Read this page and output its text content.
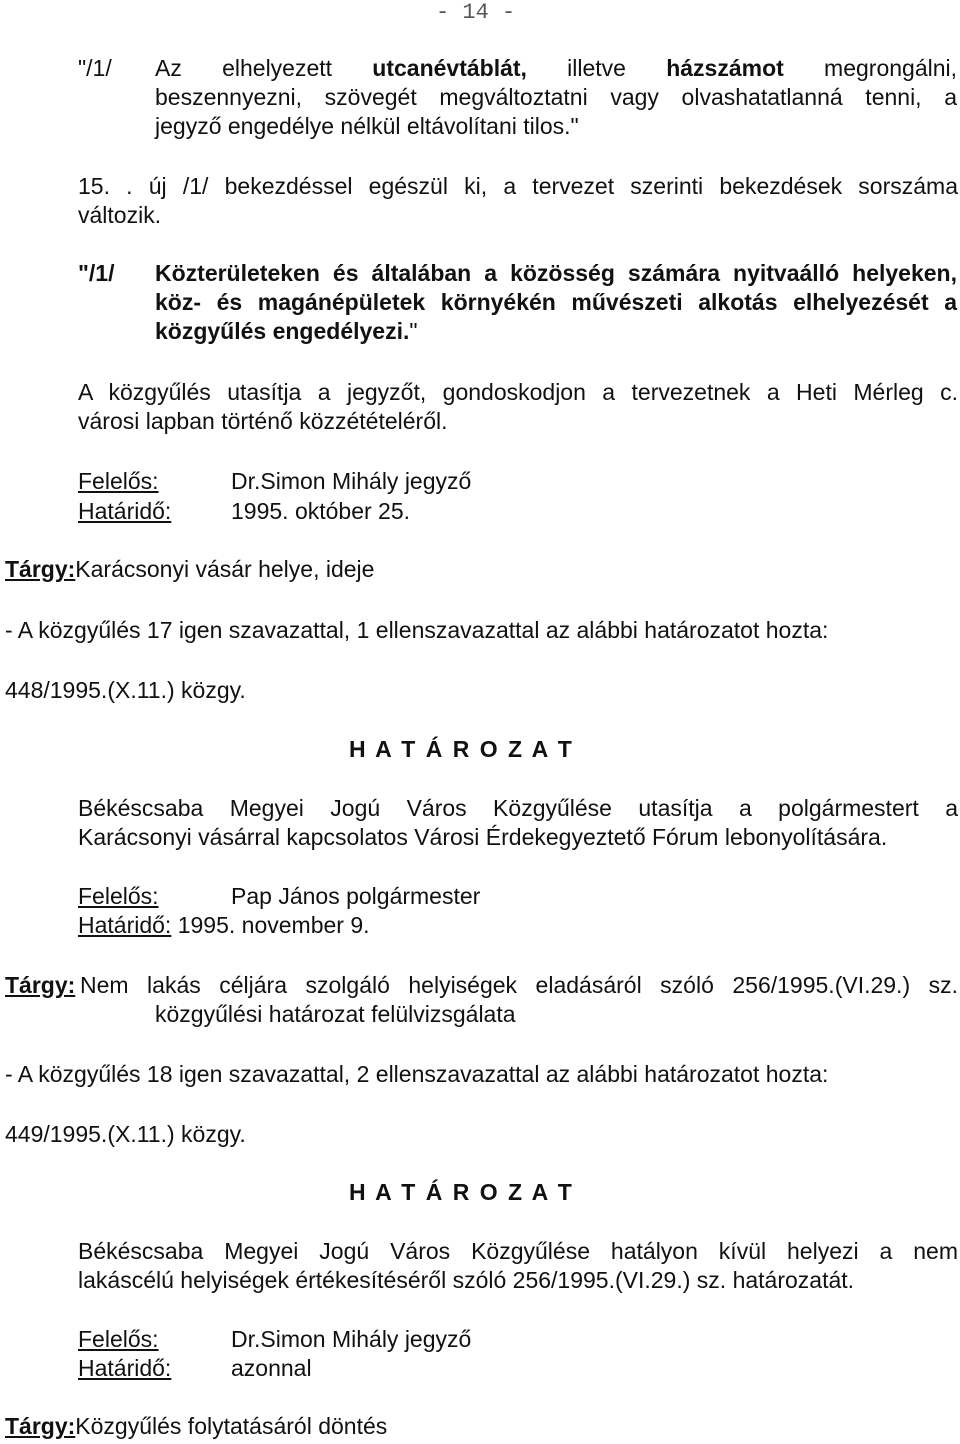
- 14 -
"/1/ Az elhelyezett utcanévtáblát, illetve házszámot megrongálni,
beszennyezni, szövegét megváltoztatni vagy olvashatatlanná tenni, a
jegyző engedélye nélkül eltávolítani tilos."
15. . új /1/ bekezdéssel egészül ki, a tervezet szerinti bekezdések sorszáma
változik.
"/1/ Közterületeken és általában a közösség számára nyitvaálló helyeken,
köz- és magánépületek környékén művészeti alkotás elhelyezését a
közgyűlés engedélyezi."
A közgyűlés utasítja a jegyzőt, gondoskodjon a tervezetnek a Heti Mérleg c.
városi lapban történő közzétételéről.
Felelős:	Dr.Simon Mihály jegyző
Határidő:	1995. október 25.
Tárgy:Karácsonyi vásár helye, ideje
- A közgyűlés 17 igen szavazattal, 1 ellenszavazattal az alábbi határozatot hozta:
448/1995.(X.11.) közgy.
H A T Á R O Z A T
Békéscsaba Megyei Jogú Város Közgyűlése utasítja a polgármestert a
Karácsonyi vásárral kapcsolatos Városi Érdekegyeztető Fórum lebonyolítására.
Felelős:	Pap János polgármester
Határidő: 1995. november 9.
Tárgy: Nem lakás céljára szolgáló helyiségek eladásáról szóló 256/1995.(VI.29.) sz.
közgyűlési határozat felülvizsgálata
- A közgyűlés 18 igen szavazattal, 2 ellenszavazattal az alábbi határozatot hozta:
449/1995.(X.11.) közgy.
H A T Á R O Z A T
Békéscsaba Megyei Jogú Város Közgyűlése hatályon kívül helyezi a nem
lakáscélú helyiségek értékesítéséről szóló 256/1995.(VI.29.) sz. határozatát.
Felelős:	Dr.Simon Mihály jegyző
Határidő:	azonnal
Tárgy:Közgyűlés folytatásáról döntés
